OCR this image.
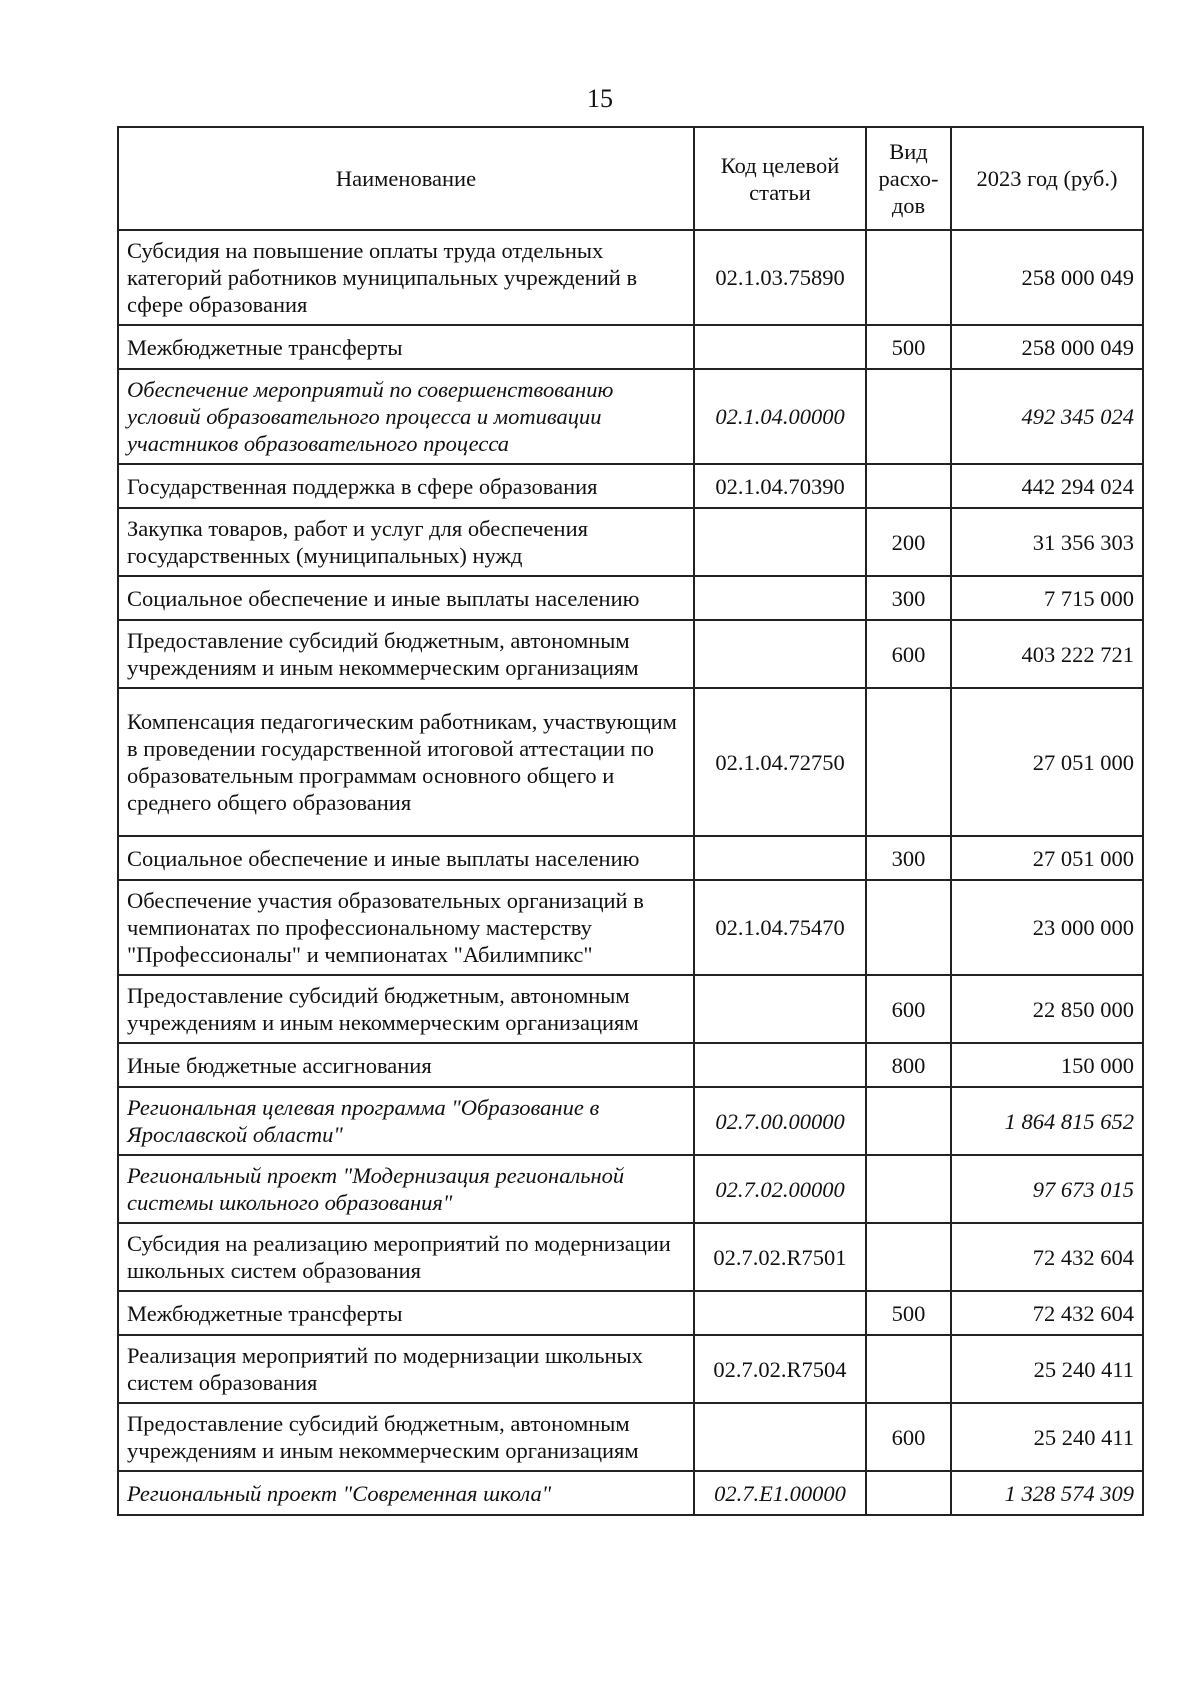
15
Наименование	Код целевой статьи	Вид расхо-дов	2023 год (руб.)
Субсидия на повышение оплаты труда отдельных категорий работников муниципальных учреждений в сфере образования	02.1.03.75890		258 000 049
Межбюджетные трансферты		500	258 000 049
Обеспечение мероприятий по совершенствованию условий образовательного процесса и мотивации участников образовательного процесса	02.1.04.00000		492 345 024
Государственная поддержка в сфере образования	02.1.04.70390		442 294 024
Закупка товаров, работ и услуг для обеспечения государственных (муниципальных) нужд		200	31 356 303
Социальное обеспечение и иные выплаты населению		300	7 715 000
Предоставление субсидий бюджетным, автономным учреждениям и иным некоммерческим организациям		600	403 222 721
Компенсация педагогическим работникам, участвующим в проведении государственной итоговой аттестации по образовательным программам основного общего и среднего общего образования	02.1.04.72750		27 051 000
Социальное обеспечение и иные выплаты населению		300	27 051 000
Обеспечение участия образовательных организаций в чемпионатах по профессиональному мастерству "Профессионалы" и чемпионатах "Абилимпикс"	02.1.04.75470		23 000 000
Предоставление субсидий бюджетным, автономным учреждениям и иным некоммерческим организациям		600	22 850 000
Иные бюджетные ассигнования		800	150 000
Региональная целевая программа "Образование в Ярославской области"	02.7.00.00000		1 864 815 652
Региональный проект "Модернизация региональной системы школьного образования"	02.7.02.00000		97 673 015
Субсидия на реализацию мероприятий по модернизации школьных систем образования	02.7.02.R7501		72 432 604
Межбюджетные трансферты		500	72 432 604
Реализация мероприятий по модернизации школьных систем образования	02.7.02.R7504		25 240 411
Предоставление субсидий бюджетным, автономным учреждениям и иным некоммерческим организациям		600	25 240 411
Региональный проект "Современная школа"	02.7.E1.00000		1 328 574 309
